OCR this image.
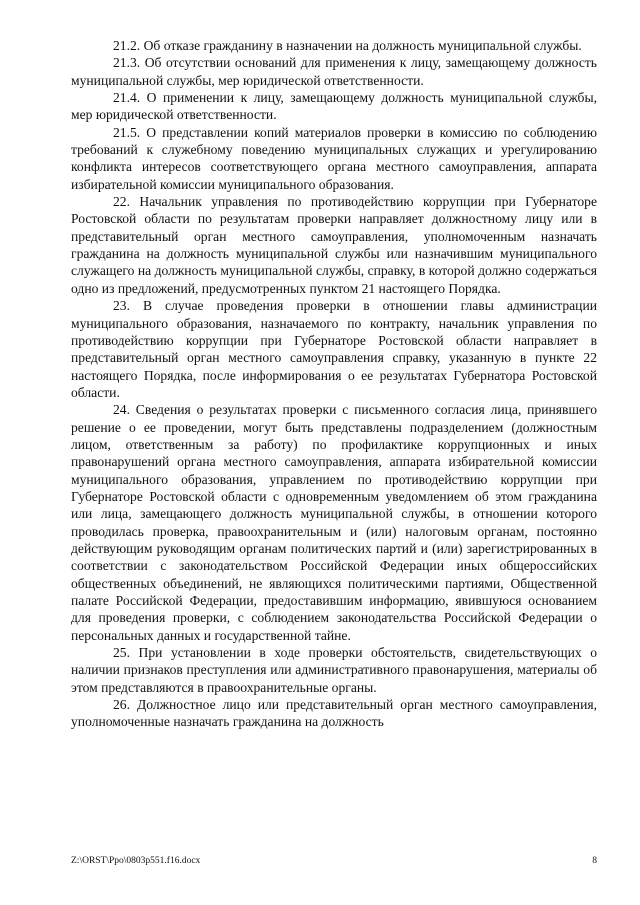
21.2. Об отказе гражданину в назначении на должность муниципальной службы.

21.3. Об отсутствии оснований для применения к лицу, замещающему должность муниципальной службы, мер юридической ответственности.

21.4. О применении к лицу, замещающему должность муниципальной службы, мер юридической ответственности.

21.5. О представлении копий материалов проверки в комиссию по соблюдению требований к служебному поведению муниципальных служащих и урегулированию конфликта интересов соответствующего органа местного самоуправления, аппарата избирательной комиссии муниципального образования.

22. Начальник управления по противодействию коррупции при Губернаторе Ростовской области по результатам проверки направляет должностному лицу или в представительный орган местного самоуправления, уполномоченным назначать гражданина на должность муниципальной службы или назначившим муниципального служащего на должность муниципальной службы, справку, в которой должно содержаться одно из предложений, предусмотренных пунктом 21 настоящего Порядка.

23. В случае проведения проверки в отношении главы администрации муниципального образования, назначаемого по контракту, начальник управления по противодействию коррупции при Губернаторе Ростовской области направляет в представительный орган местного самоуправления справку, указанную в пункте 22 настоящего Порядка, после информирования о ее результатах Губернатора Ростовской области.

24. Сведения о результатах проверки с письменного согласия лица, принявшего решение о ее проведении, могут быть представлены подразделением (должностным лицом, ответственным за работу) по профилактике коррупционных и иных правонарушений органа местного самоуправления, аппарата избирательной комиссии муниципального образования, управлением по противодействию коррупции при Губернаторе Ростовской области с одновременным уведомлением об этом гражданина или лица, замещающего должность муниципальной службы, в отношении которого проводилась проверка, правоохранительным и (или) налоговым органам, постоянно действующим руководящим органам политических партий и (или) зарегистрированных в соответствии с законодательством Российской Федерации иных общероссийских общественных объединений, не являющихся политическими партиями, Общественной палате Российской Федерации, предоставившим информацию, явившуюся основанием для проведения проверки, с соблюдением законодательства Российской Федерации о персональных данных и государственной тайне.

25. При установлении в ходе проверки обстоятельств, свидетельствующих о наличии признаков преступления или административного правонарушения, материалы об этом представляются в правоохранительные органы.

26. Должностное лицо или представительный орган местного самоуправления, уполномоченные назначать гражданина на должность

Z:\ORST\Ppo\0803p551.f16.docx	8
